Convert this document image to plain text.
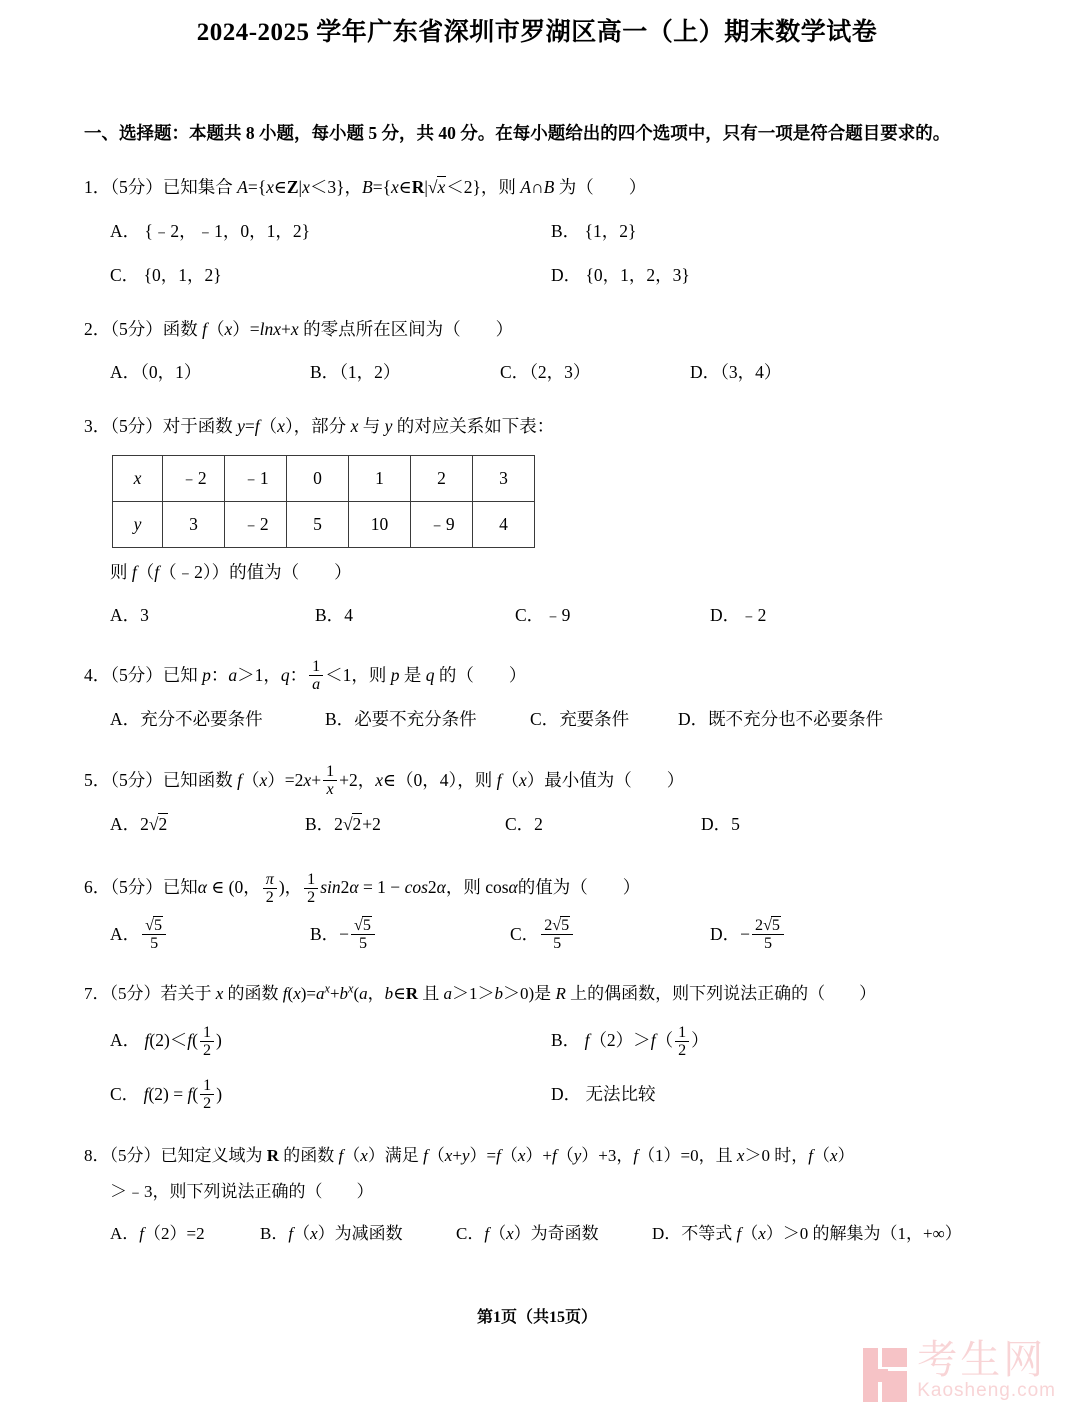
2024-2025 学年广东省深圳市罗湖区高一（上）期末数学试卷
一、选择题：本题共 8 小题，每小题 5 分，共 40 分。在每小题给出的四个选项中，只有一项是符合题目要求的。
1．（5分）已知集合 A={x∈Z|x＜3}，B={x∈R|√x＜2}，则 A∩B 为（　　）
A． {﹣2，﹣1，0，1，2}	B． {1，2}
C． {0，1，2}	D． {0，1，2，3}
2．（5分）函数 f（x）=lnx+x 的零点所在区间为（　　）
A．（0，1）	B．（1，2）	C．（2，3）	D．（3，4）
3．（5分）对于函数 y=f（x），部分 x 与 y 的对应关系如下表：
x	﹣2	﹣1	0	1	2	3
y	3	﹣2	5	10	﹣9	4
则 f（f（﹣2））的值为（　　）
A．3	B．4	C．﹣9	D．﹣2
4．（5分）已知 p：a＞1，q： $\frac{1}{a} <1$，则 p 是 q 的（　　）
A．充分不必要条件	B．必要不充分条件	C．充要条件	D．既不充分也不必要条件
5．（5分）已知函数 $f(x)=2x+ \frac{1}{x} +2$，x∈（0，4），则 f（x）最小值为（　　）
A．2√2	B．2√2+2	C．2	D．5
6．（5分）已知α ∈ (0， $\frac{\pi}{2}$ )， $\frac{1}{2} \sin 2\alpha = 1 - \cos 2\alpha$，则 cosα的值为（　　）
A． $\frac{√5}{5}$	B．− $\frac{√5}{5}$	C． $\frac{2√5}{5}$	D．− $\frac{2√5}{5}$
7．（5分）若关于 x 的函数 $f(x)=a^x+b^x(a$，b∈R 且 a＞1＞b＞0)是 R 上的偶函数，则下列说法正确的（　　）
A． $f(2)<f( \frac{1}{2}$ )	B． $f(2)>f( \frac{1}{2}$ ）
C． $f(2) = f( \frac{1}{2}$ )	D． 无法比较
8．（5分）已知定义域为 R 的函数 f（x）满足 f（x+y）=f（x）+f（y）+3，f（1）=0，且 x＞0 时，f（x）
＞﹣3，则下列说法正确的（　　）
A．f（2）=2	B．f（x）为减函数	C．f（x）为奇函数	D．不等式 f（x）＞0 的解集为（1，+∞）
第1页（共15页）
考生网
Kaosheng.com
